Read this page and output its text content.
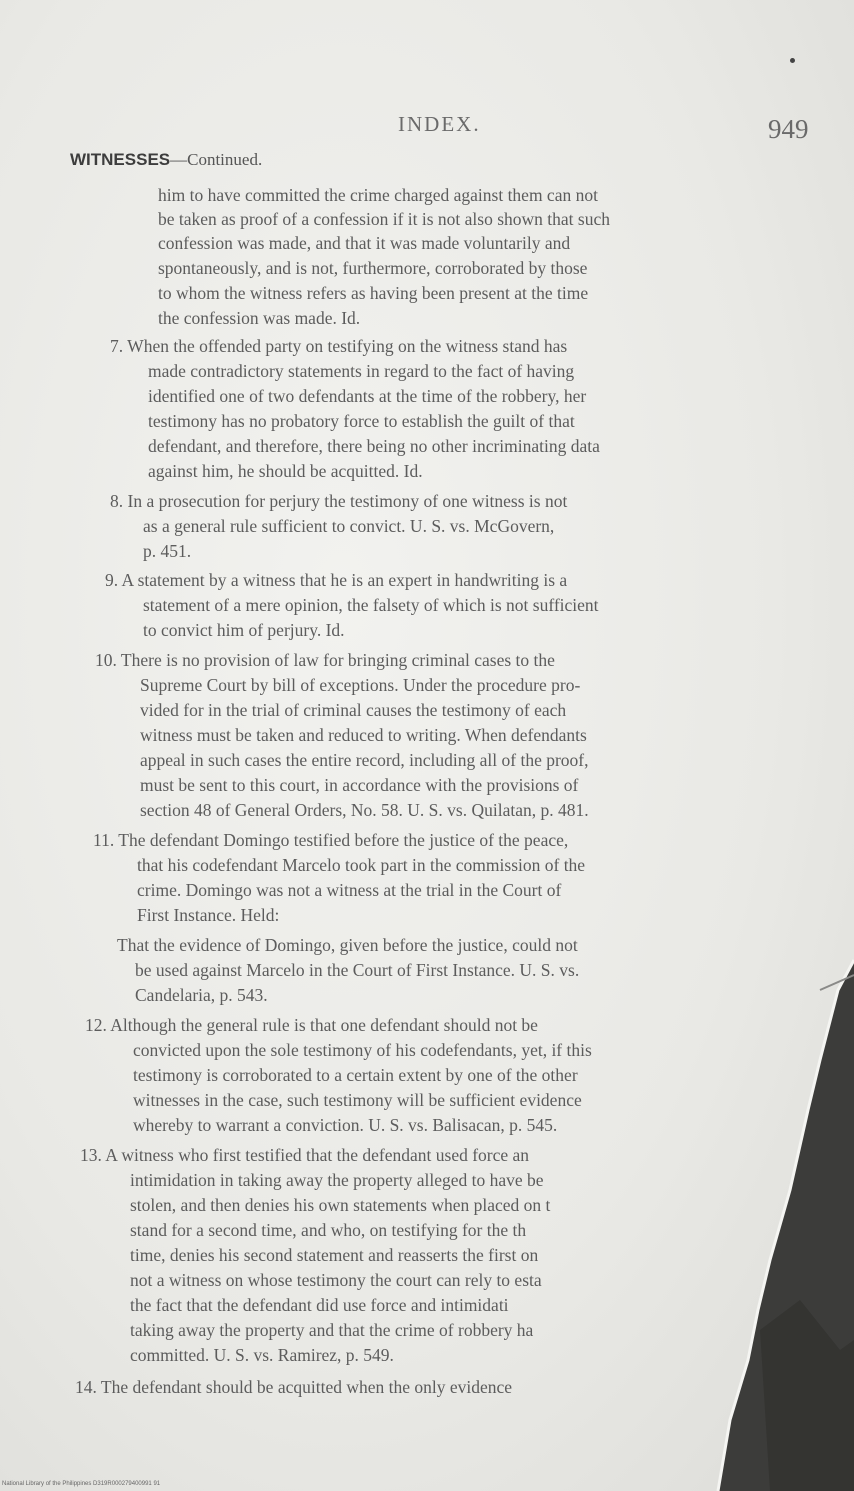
INDEX.	949
WITNESSES—Continued.
him to have committed the crime charged against them can not
be taken as proof of a confession if it is not also shown that such
confession was made, and that it was made voluntarily and
spontaneously, and is not, furthermore, corroborated by those
to whom the witness refers as having been present at the time
the confession was made. Id.
7. When the offended party on testifying on the witness stand has
made contradictory statements in regard to the fact of having
identified one of two defendants at the time of the robbery, her
testimony has no probatory force to establish the guilt of that
defendant, and therefore, there being no other incriminating data
against him, he should be acquitted. Id.
8. In a prosecution for perjury the testimony of one witness is not
as a general rule sufficient to convict. U. S. vs. McGovern,
p. 451.
9. A statement by a witness that he is an expert in handwriting is a
statement of a mere opinion, the falsety of which is not sufficient
to convict him of perjury. Id.
10. There is no provision of law for bringing criminal cases to the
Supreme Court by bill of exceptions. Under the procedure pro-
vided for in the trial of criminal causes the testimony of each
witness must be taken and reduced to writing. When defendants
appeal in such cases the entire record, including all of the proof,
must be sent to this court, in accordance with the provisions of
section 48 of General Orders, No. 58. U. S. vs. Quilatan, p. 481.
11. The defendant Domingo testified before the justice of the peace,
that his codefendant Marcelo took part in the commission of the
crime. Domingo was not a witness at the trial in the Court of
First Instance. Held:
That the evidence of Domingo, given before the justice, could not
be used against Marcelo in the Court of First Instance. U. S. vs.
Candelaria, p. 543.
12. Although the general rule is that one defendant should not be
convicted upon the sole testimony of his codefendants, yet, if this
testimony is corroborated to a certain extent by one of the other
witnesses in the case, such testimony will be sufficient evidence
whereby to warrant a conviction. U. S. vs. Balisacan, p. 545.
13. A witness who first testified that the defendant used force an
intimidation in taking away the property alleged to have be
stolen, and then denies his own statements when placed on t
stand for a second time, and who, on testifying for the th
time, denies his second statement and reasserts the first on
not a witness on whose testimony the court can rely to esta
the fact that the defendant did use force and intimidati
taking away the property and that the crime of robbery ha
committed. U. S. vs. Ramirez, p. 549.
14. The defendant should be acquitted when the only evidence
National Library of the Philippines D319R000279400991 91
